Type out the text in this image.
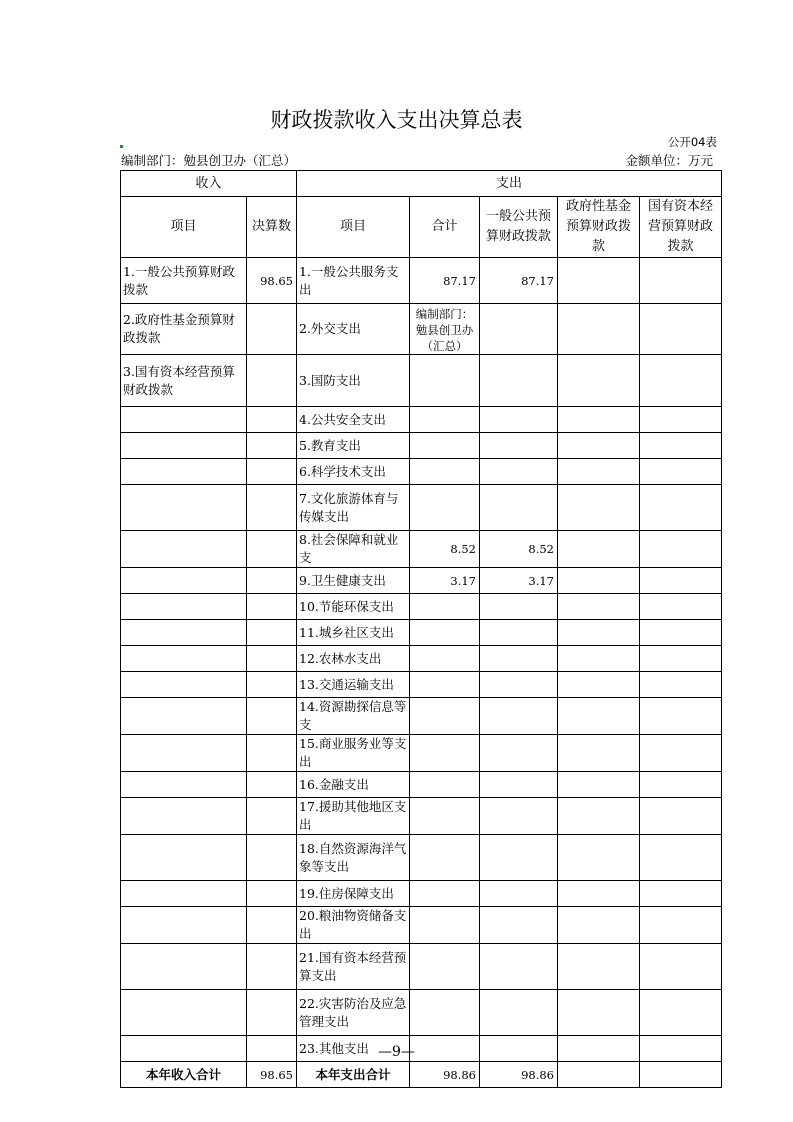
财政拨款收入支出决算总表
公开04表
编制部门：勉县创卫办（汇总）	金额单位：万元
收入		支出				
项目	决算数	项目	合计	一般公共预算财政拨款	政府性基金预算财政拨款	国有资本经营预算财政拨款
1.一般公共预算财政拨款	98.65	1.一般公共服务支出	87.17	87.17		
2.政府性基金预算财政拨款		2.外交支出	编制部门：勉县创卫办（汇总）			

3.国有资本经营预算财政拨款		3.国防支出				
		4.公共安全支出				
		5.教育支出				
		6.科学技术支出				
		7.文化旅游体育与传媒支出				
		8.社会保障和就业支	8.52	8.52		
		9.卫生健康支出	3.17	3.17		
		10.节能环保支出				
		11.城乡社区支出				
		12.农林水支出				
		13.交通运输支出				
		14.资源勘探信息等支				
		15.商业服务业等支出				
		16.金融支出				
		17.援助其他地区支出				
		18.自然资源海洋气象等支出				
		19.住房保障支出				
		20.粮油物资储备支出				
		21.国有资本经营预算支出				
		22.灾害防治及应急管理支出				
		23.其他支出				
本年收入合计	98.65	本年支出合计	98.86	98.86		
—9—
